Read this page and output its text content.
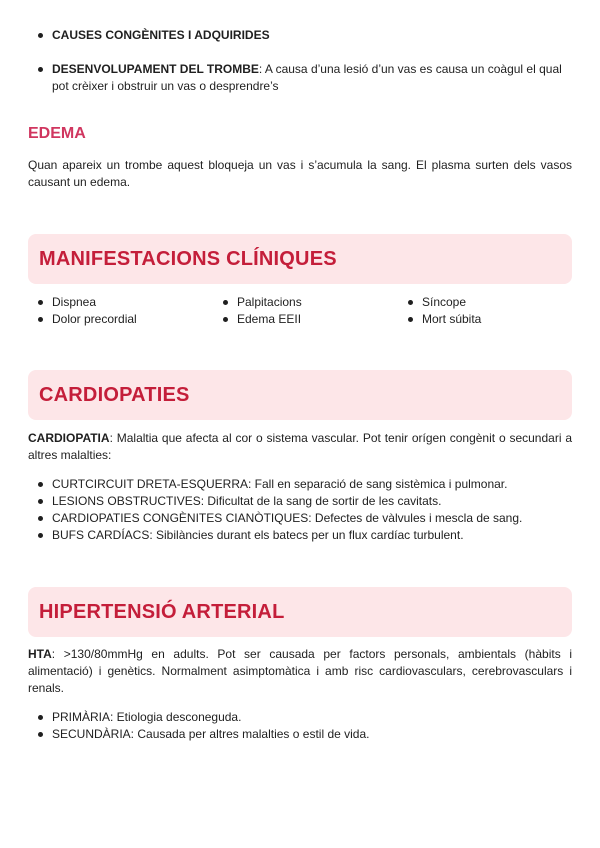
CAUSES CONGÈNITES I ADQUIRIDES
DESENVOLUPAMENT DEL TROMBE: A causa d’una lesió d’un vas es causa un coàgul el qual pot crèixer i obstruir un vas o desprendre’s
EDEMA

Quan apareix un trombe aquest bloqueja un vas i s’acumula la sang. El plasma surten dels vasos causant un edema.

MANIFESTACIONS CLÍNIQUES
Dispnea
Dolor precordial
Palpitacions
Edema EEII
Síncope
Mort súbita
CARDIOPATIES

CARDIOPATIA: Malaltia que afecta al cor o sistema vascular. Pot tenir orígen congènit o secundari a altres malalties:

CURTCIRCUIT DRETA-ESQUERRA: Fall en separació de sang sistèmica i pulmonar.
LESIONS OBSTRUCTIVES: Dificultat de la sang de sortir de les cavitats.
CARDIOPATIES CONGÈNITES CIANÒTIQUES: Defectes de vàlvules i mescla de sang.
BUFS CARDÍACS: Sibilàncies durant els batecs per un flux cardíac turbulent.
HIPERTENSIÓ ARTERIAL

HTA: >130/80mmHg en adults. Pot ser causada per factors personals, ambientals (hàbits i alimentació) i genètics. Normalment asimptomàtica i amb risc cardiovasculars, cerebrovasculars i renals.

PRIMÀRIA: Etiologia desconeguda.
SECUNDÀRIA: Causada per altres malalties o estil de vida.
